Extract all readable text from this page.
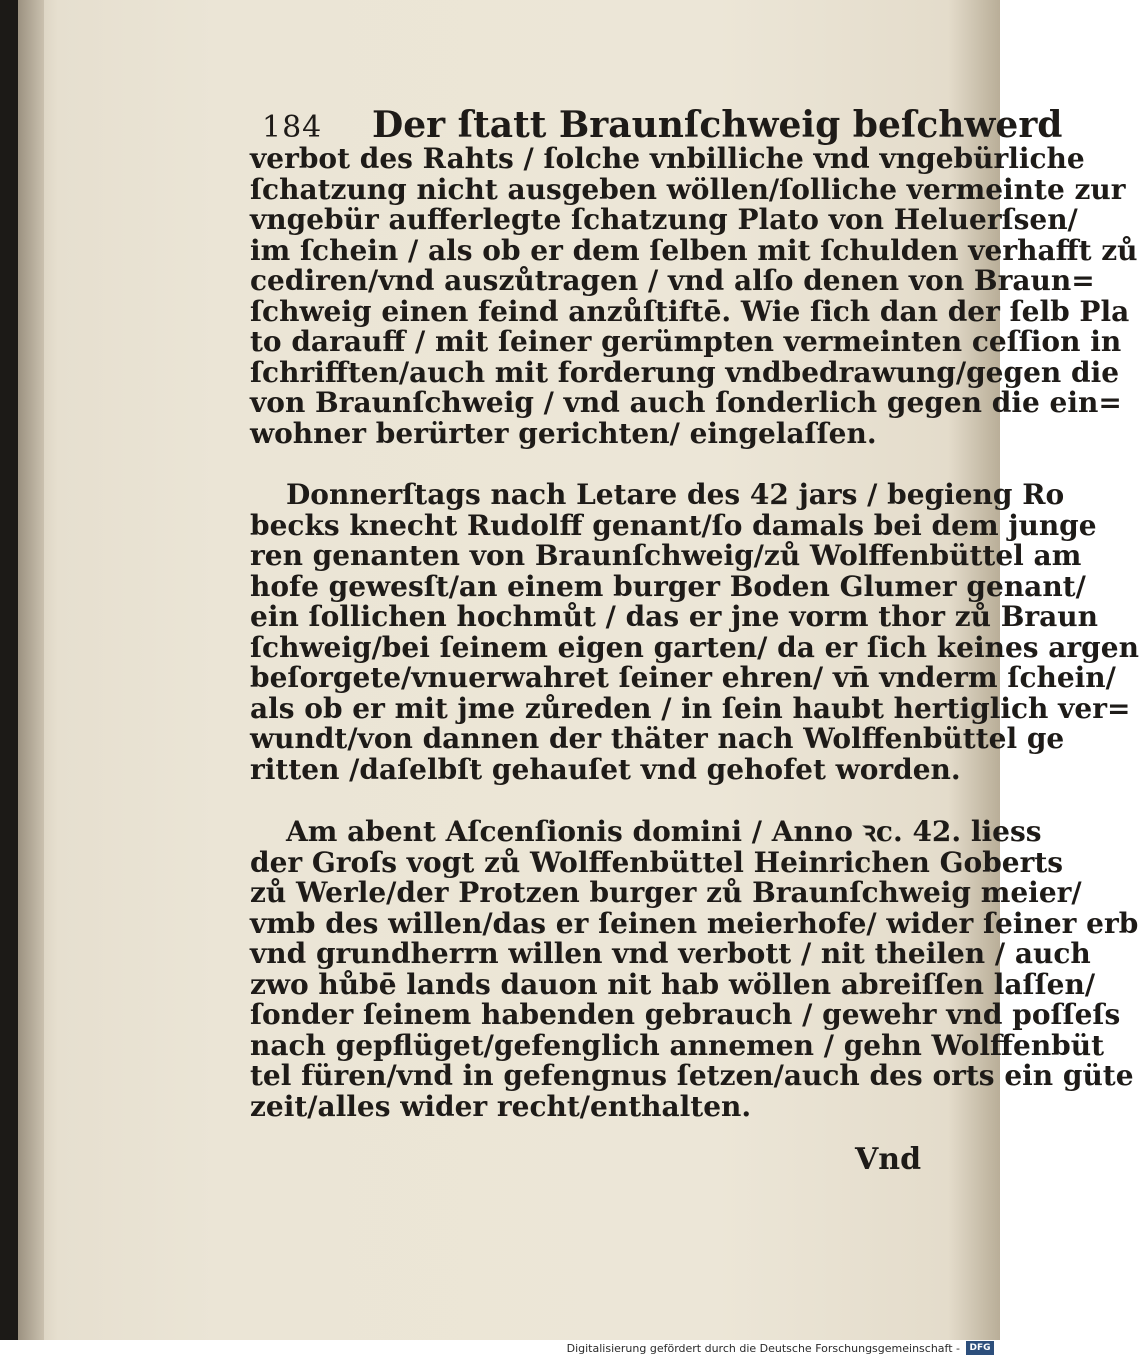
184 Der ſtatt Braunſchweig beſchwerd
verbot des Rahts / ſolche vnbilliche vnd vngebürliche
ſchatzung nicht ausgeben wöllen/ſolliche vermeinte zur
vngebür aufferlegte ſchatzung Plato von Heluerſsen/
im ſchein / als ob er dem ſelben mit ſchulden verhafft zů
cediren/vnd auszůtragen / vnd alſo denen von Braun=
ſchweig einen feind anzůſtiftē. Wie ſich dan der ſelb Pla
to darauff / mit ſeiner gerümpten vermeinten ceſſion in
ſchrifften/auch mit forderung vndbedrawung/gegen die
von Braunſchweig / vnd auch ſonderlich gegen die ein=
wohner berürter gerichten/ eingelaſſen.
Donnerſtags nach Letare des 42 jars / begieng Ro
becks knecht Rudolff genant/ſo damals bei dem junge
ren genanten von Braunſchweig/zů Wolffenbüttel am
hofe gewesſt/an einem burger Boden Glumer genant/
ein ſollichen hochmůt / das er jne vorm thor zů Braun
ſchweig/bei ſeinem eigen garten/ da er ſich keines argen
beſorgete/vnuerwahret ſeiner ehren/ vn̄ vnderm ſchein/
als ob er mit jme zůreden / in ſein haubt hertiglich ver=
wundt/von dannen der thäter nach Wolffenbüttel ge
ritten /daſelbſt gehauſet vnd gehofet worden.
Am abent Aſcenſionis domini / Anno ꝛc. 42. liess
der Groſs vogt zů Wolffenbüttel Heinrichen Goberts
zů Werle/der Protzen burger zů Braunſchweig meier/
vmb des willen/das er ſeinen meierhofe/ wider ſeiner erb
vnd grundherrn willen vnd verbott / nit theilen / auch
zwo hůbē lands dauon nit hab wöllen abreiſſen laſſen/
ſonder ſeinem habenden gebrauch / gewehr vnd poſſeſs
nach gepflüget/gefenglich annemen / gehn Wolffenbüt
tel füren/vnd in gefengnus ſetzen/auch des orts ein güte
zeit/alles wider recht/enthalten.
Vnd
Digitalisierung gefördert durch die Deutsche Forschungsgemeinschaft -	DFG
